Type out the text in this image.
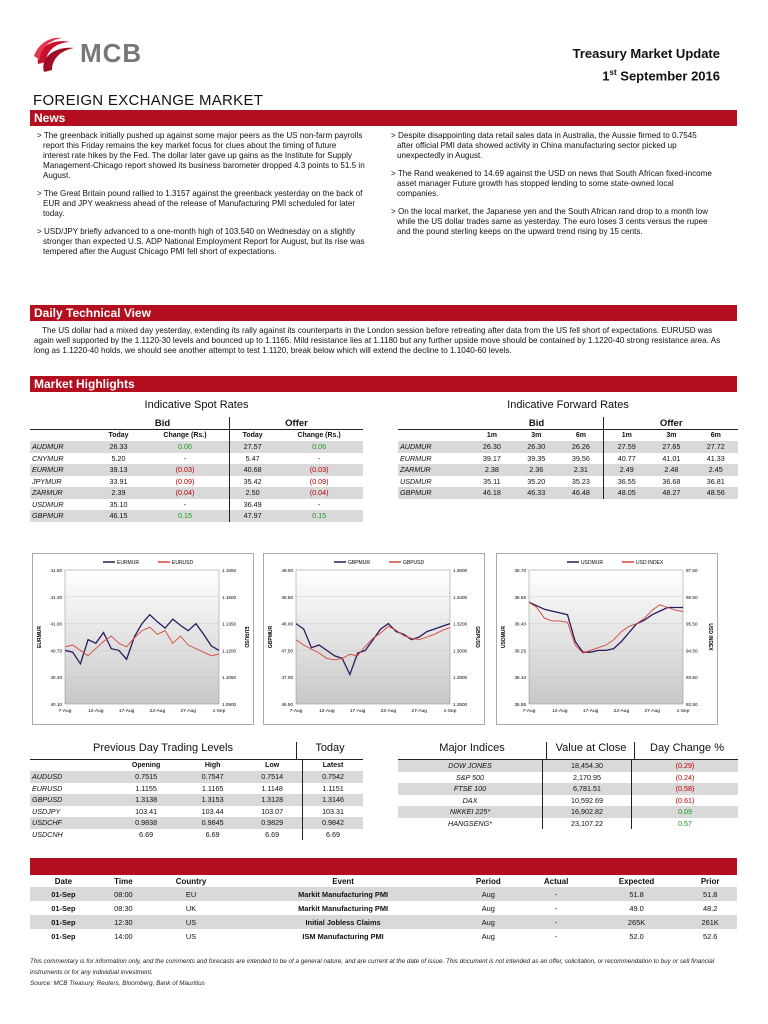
MCB	Treasury Market Update
1st September 2016
FOREIGN EXCHANGE MARKET
News

> The greenback initially pushed up against some major peers as the US non-farm payrolls report this Friday remains the key market focus for clues about the timing of future interest rate hikes by the Fed. The dollar later gave up gains as the Institute for Supply Management-Chicago report showed its business barometer dropped 4.3 points to 51.5 in August.

> The Great Britain pound rallied to 1.3157 against the greenback yesterday on the back of EUR and JPY weakness ahead of the release of Manufacturing PMI scheduled for later today.

> USD/JPY briefly advanced to a one-month high of 103.540 on Wednesday on a slightly stronger than expected U.S. ADP National Employment Report for August, but its rise was tempered after the August Chicago PMI fell short of expectations.

> Despite disappointing data retail sales data in Australia, the Aussie firmed to 0.7545 after official PMI data showed activity in China manufacturing sector picked up unexpectedly in August.

> The Rand weakened to 14.69 against the USD on news that South African fixed-income asset manager Future growth has stopped lending to some state-owned local companies.

> On the local market, the Japanese yen and the South African rand drop to a month low while the US dollar trades same as yesterday. The euro loses 3 cents versus the rupee and the pound sterling keeps on the upward trend rising by 15 cents.

Daily Technical View
The US dollar had a mixed day yesterday, extending its rally against its counterparts in the London session before retreating after data from the US fell short of expectations. EURUSD was again well supported by the 1.1120-30 levels and bounced up to 1.1165. Mild resistance lies at 1.1180 but any further upside move should be contained by 1.1220-40 strong resistance area. As long as 1.1220-40 holds, we should see another attempt to test 1.1120, break below which will extend the decline to 1.1040-60 levels.
Market Highlights
Indicative Spot Rates
	Bid		Offer	
	Today	Change (Rs.)	Today	Change (Rs.)
AUDMUR	26.33	0.06	27.57	0.06
CNYMUR	5.20	-	5.47	-
EURMUR	39.13	(0.03)	40.68	(0.03)
JPYMUR	33.91	(0.09)	35.42	(0.09)
ZARMUR	2.39	(0.04)	2.50	(0.04)
USDMUR	35.10	-	36.49	-
GBPMUR	46.15	0.15	47.97	0.15
Indicative Forward Rates
	Bid			Offer		
	1m	3m	6m	1m	3m	6m
AUDMUR	26.30	26.30	26.26	27.59	27.65	27.72
EURMUR	39.17	39.35	39.56	40.77	41.01	41.33
ZARMUR	2.38	2.36	2.31	2.49	2.48	2.45
USDMUR	35.11	35.20	35.23	36.55	36.68	36.81
GBPMUR	46.18	46.33	46.48	48.05	48.27	48.56
41.60
41.30
41.00
40.70
40.40
40.10
1.1650
1.1500
1.1350
1.1200
1.1050
1.0900
7-Aug	12-Aug	17-Aug	22-Aug	27-Aug	1-Sep
EURMUR	EURUSD
EURMUR	EURUSD
49.00
48.50
48.00
47.50
47.00
46.50
1.3600
1.3400
1.3200
1.3000
1.2800
1.2600
7-Aug	12-Aug	17-Aug	22-Aug	27-Aug	1-Sep
GBPMUR	GBPUSD
GBPMUR	GBPUSD
36.70
36.55
36.40
36.25
36.10
35.95
97.50
96.50
95.50
94.50
93.50
92.50
7-Aug	12-Aug	17-Aug	22-Aug	27-Aug	1-Sep
USDMUR	USD INDEX
USDMUR	USD INDEX
Previous Day Trading Levels	Today
	Opening	High	Low	Latest
AUDUSD	0.7515	0.7547	0.7514	0.7542
EURUSD	1.1155	1.1165	1.1148	1.1151
GBPUSD	1.3138	1.3153	1.3128	1.3146
USDJPY	103.41	103.44	103.07	103.31
USDCHF	0.9838	0.9845	0.9829	0.9842
USDCNH	6.69	6.69	6.69	6.69
Major Indices	Value at Close	Day Change %
DOW JONES	18,454.30	(0.29)
S&P 500	2,170.95	(0.24)
FTSE 100	6,781.51	(0.58)
DAX	10,592.69	(0.61)
NIKKEI 225*	16,902.82	0.09
HANGSENG*	23,107.22	0.57
Date	Time	Country	Event	Period	Actual	Expected	Prior
01-Sep	08:00	EU	Markit Manufacturing PMI	Aug	-	51.8	51.8
01-Sep	08:30	UK	Markit Manufacturing PMI	Aug	-	49.0	48.2
01-Sep	12:30	US	Initial Jobless Claims	Aug	-	265K	261K
01-Sep	14:00	US	ISM Manufacturing PMI	Aug	-	52.0	52.6
This commentary is for information only, and the comments and forecasts are intended to be of a general nature, and are current at the date of issue. This document is not intended as an offer, solicitation, or recommendation to buy or sell financial instruments or for any individual investment.
Source: MCB Treasury, Reuters, Bloomberg, Bank of Mauritius
